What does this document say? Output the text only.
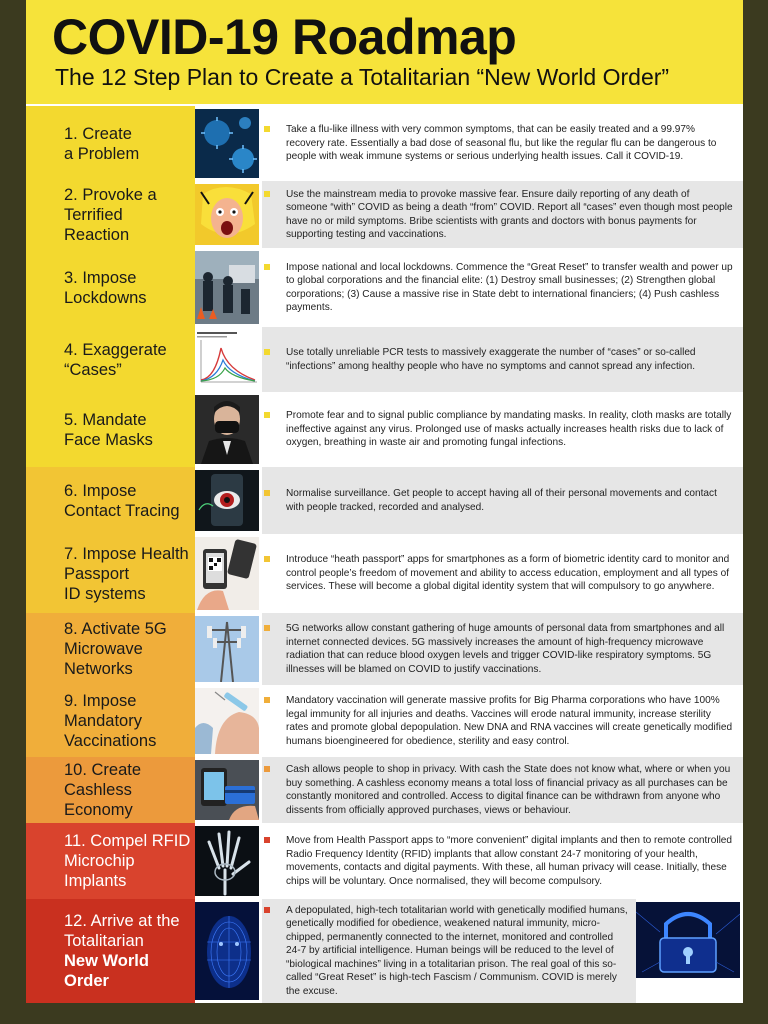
COVID-19 Roadmap
The 12 Step Plan to Create a Totalitarian “New World Order”
1. Create
a Problem
Take a flu-like illness with very common symptoms, that can be easily treated and a 99.97% recovery rate. Essentially a bad dose of seasonal flu, but like the regular flu can be dangerous to people with weak immune systems or serious underlying health issues. Call it COVID-19.
2. Provoke a
Terrified
Reaction
Use the mainstream media to provoke massive fear. Ensure daily reporting of any death of someone “with” COVID as being a death “from” COVID. Report all “cases” even though most people have no or mild symptoms. Bribe scientists with grants and doctors with bonus payments for supporting testing and vaccinations.
3. Impose
Lockdowns
Impose national and local lockdowns. Commence the “Great Reset” to transfer wealth and power up to global corporations and the financial elite: (1) Destroy small businesses; (2) Strengthen global corporations; (3) Cause a massive rise in State debt to international financiers; (4) Push cashless payments.
4. Exaggerate
“Cases”
Use totally unreliable PCR tests to massively exaggerate the number of “cases” or so-called “infections” among healthy people who have no symptoms and cannot spread any infection.
5. Mandate
Face Masks
Promote fear and to signal public compliance by mandating masks. In reality, cloth masks are totally ineffective against any virus. Prolonged use of masks actually increases health risks due to lack of oxygen, breathing in waste air and promoting fungal infections.
6. Impose
Contact Tracing
Normalise surveillance. Get people to accept having all of their personal movements and contact with people tracked, recorded and analysed.
7. Impose Health
Passport
ID systems
Introduce “heath passport” apps for smartphones as a form of biometric identity card to monitor and control people’s freedom of movement and ability to access education, employment and all types of services. These will become a global digital identity system that will compulsory to go anywhere.
8. Activate 5G
Microwave
Networks
5G networks allow constant gathering of huge amounts of personal data from smartphones and all internet connected devices. 5G massively increases the amount of high-frequency microwave radiation that can reduce blood oxygen levels and trigger COVID-like respiratory symptoms. 5G illnesses will be blamed on COVID to justify vaccinations.
9. Impose
Mandatory
Vaccinations
Mandatory vaccination will generate massive profits for Big Pharma corporations who have 100% legal immunity for all injuries and deaths. Vaccines will erode natural immunity, increase sterility rates and promote global depopulation. New DNA and RNA vaccines will create genetically modified humans bioengineered for obedience, sterility and easy control.
10. Create Cashless
Economy
Cash allows people to shop in privacy. With cash the State does not know what, where or when you buy something. A cashless economy means a total loss of financial privacy as all purchases can be constantly monitored and controlled. Access to digital finance can be withdrawn from anyone who dissents from officially approved purchases, views or behaviour.
11. Compel RFID
Microchip
Implants
Move from Health Passport apps to “more convenient” digital implants and then to remote controlled Radio Frequency Identity (RFID) implants that allow constant 24-7 monitoring of your health, movements, contacts and digital payments. With these, all human privacy will cease. Initially, these chips will be voluntary. Once normalised, they will become compulsory.
12. Arrive at the
Totalitarian
New World
Order
A depopulated, high-tech totalitarian world with genetically modified humans, genetically modified for obedience, weakened natural immunity, micro-chipped, permanently connected to the internet, monitored and controlled 24-7 by artificial intelligence. Human beings will be reduced to the level of “biological machines” living in a totalitarian prison. The real goal of this so-called “Great Reset” is high-tech Fascism / Communism. COVID is merely the excuse.
